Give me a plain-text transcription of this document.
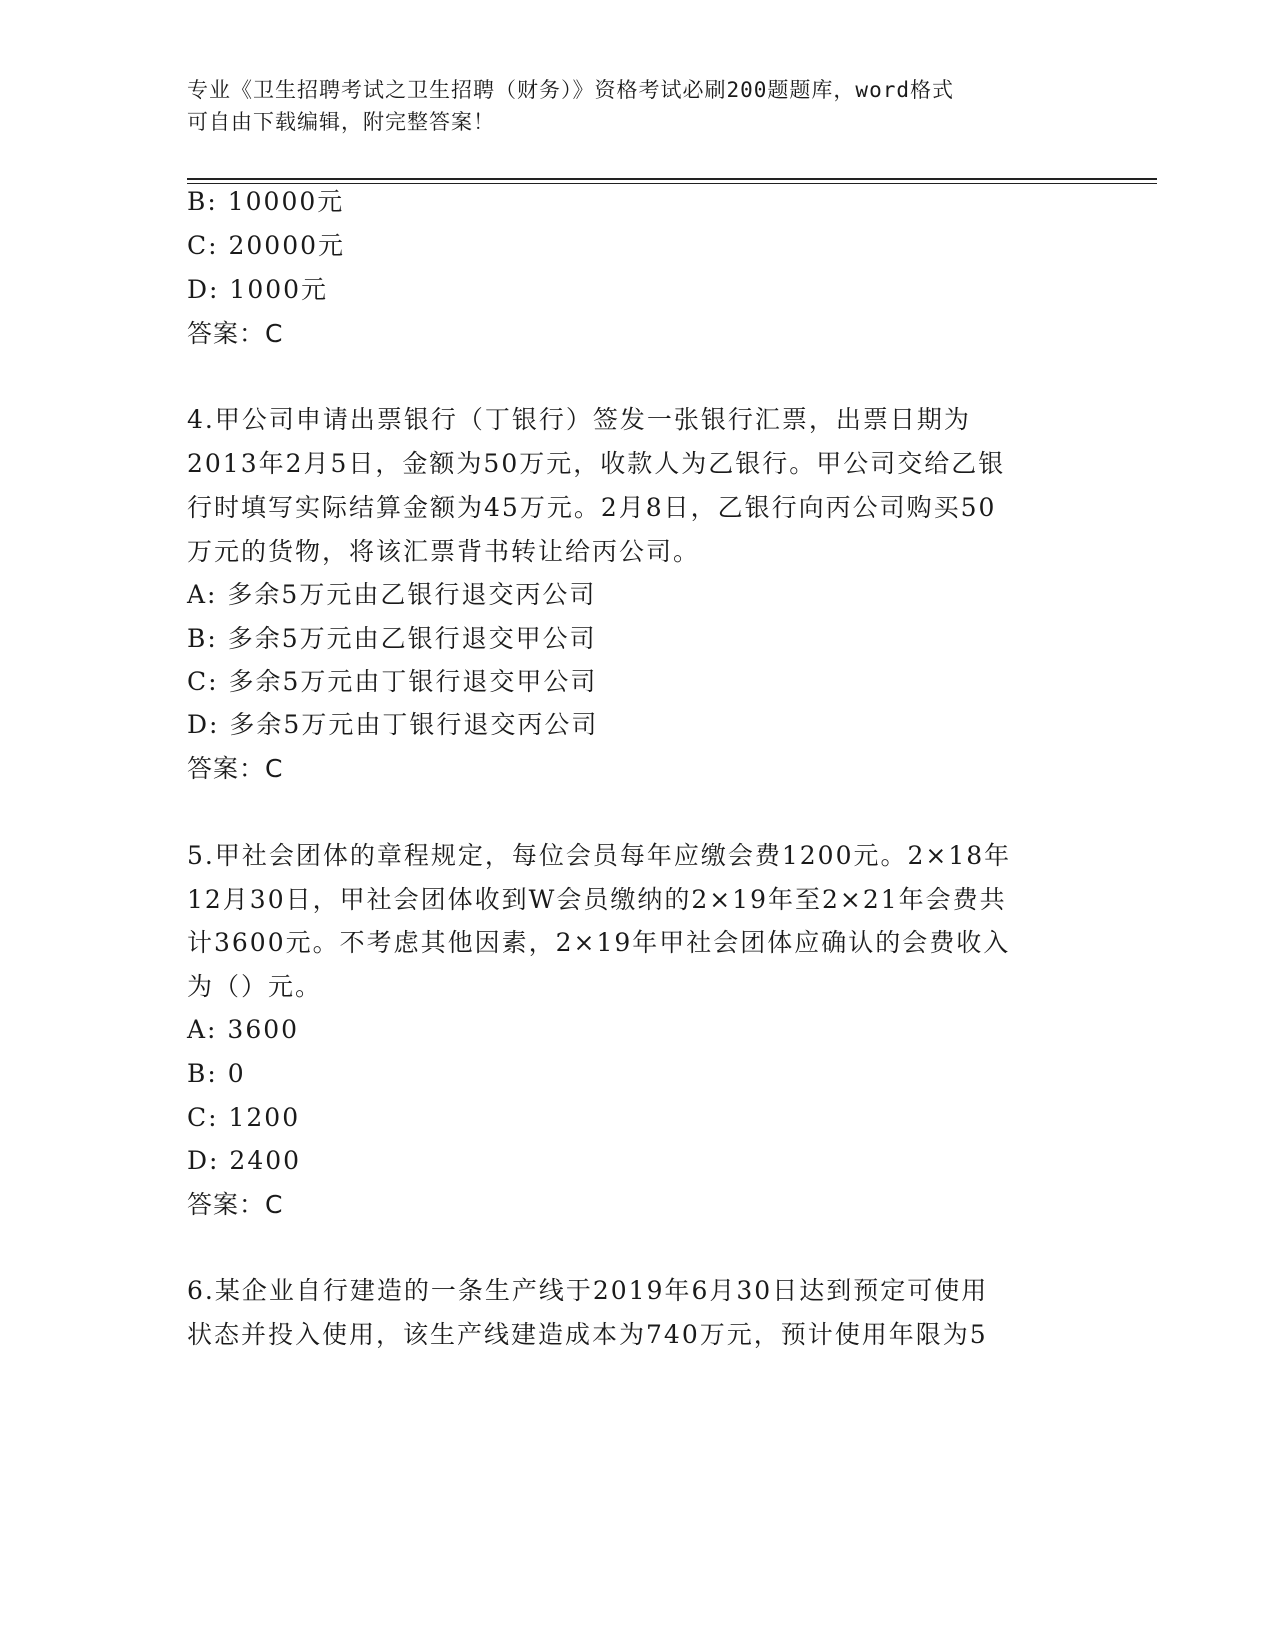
专业《卫生招聘考试之卫生招聘（财务）》资格考试必刷200题题库，word格式
可自由下载编辑，附完整答案！
B: 10000元
C: 20000元
D: 1000元
答案：C
4.甲公司申请出票银行（丁银行）签发一张银行汇票，出票日期为
2013年2月5日，金额为50万元，收款人为乙银行。甲公司交给乙银
行时填写实际结算金额为45万元。2月8日，乙银行向丙公司购买50
万元的货物，将该汇票背书转让给丙公司。
A: 多余5万元由乙银行退交丙公司
B: 多余5万元由乙银行退交甲公司
C: 多余5万元由丁银行退交甲公司
D: 多余5万元由丁银行退交丙公司
答案：C
5.甲社会团体的章程规定，每位会员每年应缴会费1200元。2×18年
12月30日，甲社会团体收到W会员缴纳的2×19年至2×21年会费共
计3600元。不考虑其他因素，2×19年甲社会团体应确认的会费收入
为（）元。
A: 3600
B: 0
C: 1200
D: 2400
答案：C
6.某企业自行建造的一条生产线于2019年6月30日达到预定可使用
状态并投入使用，该生产线建造成本为740万元，预计使用年限为5
